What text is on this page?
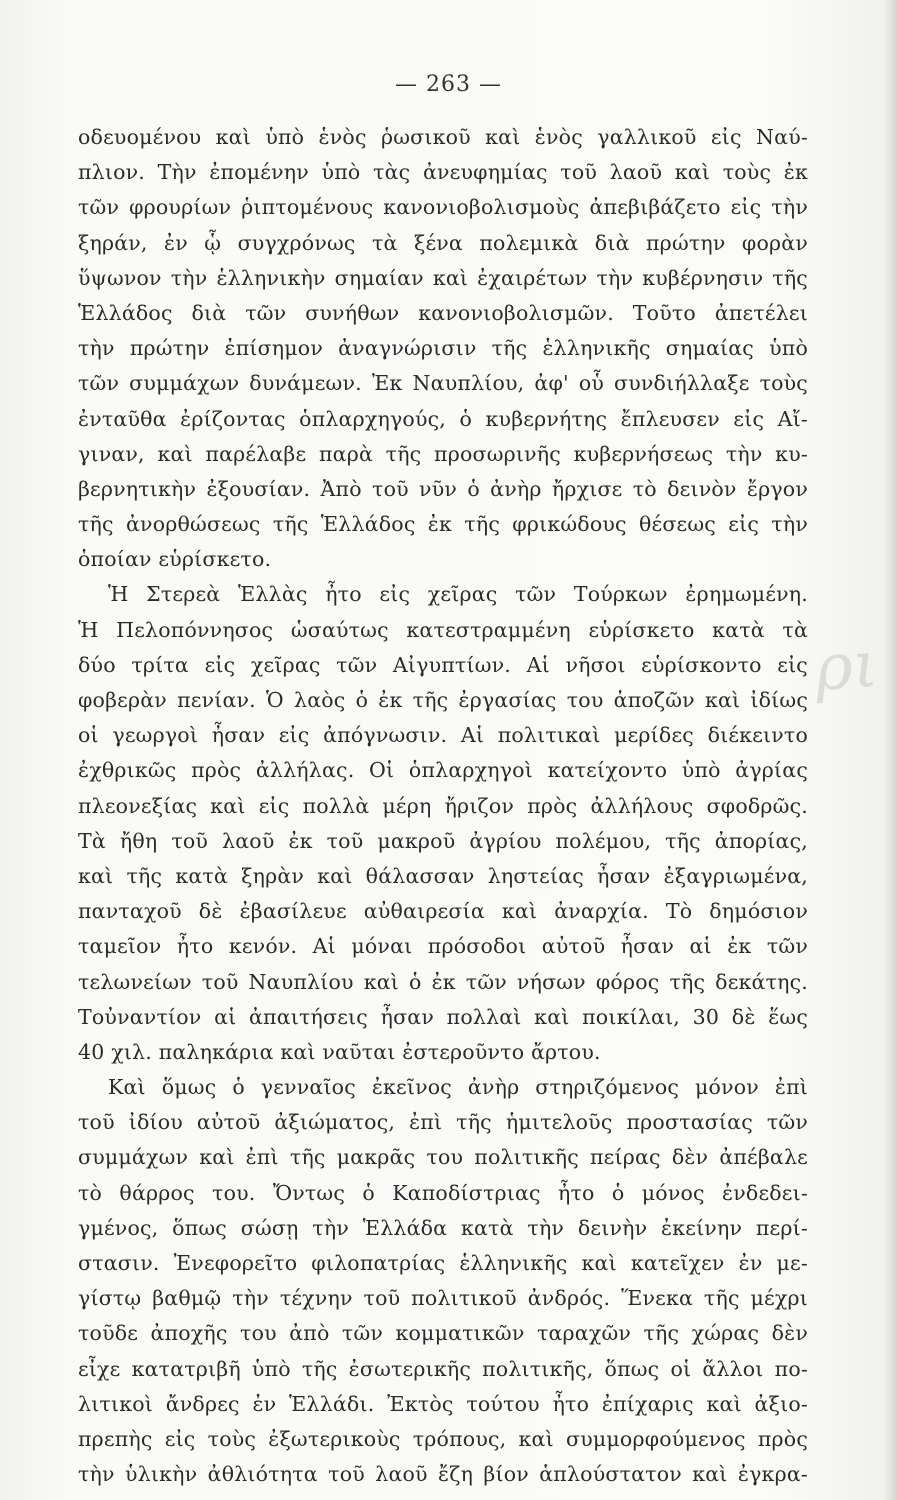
— 263 —
ρι
οδευομένου καὶ ὑπὸ ἑνὸς ῥωσικοῦ καὶ ἑνὸς γαλλικοῦ εἰς Ναύ-
πλιον. Τὴν ἐπομένην ὑπὸ τὰς ἀνευφημίας τοῦ λαοῦ καὶ τοὺς ἐκ
τῶν φρουρίων ῥιπτομένους κανονιοβολισμοὺς ἀπεβιβάζετο εἰς τὴν
ξηράν, ἐν ᾧ συγχρόνως τὰ ξένα πολεμικὰ διὰ πρώτην φορὰν
ὕψωνον τὴν ἑλληνικὴν σημαίαν καὶ ἐχαιρέτων τὴν κυβέρνησιν τῆς
Ἑλλάδος διὰ τῶν συνήθων κανονιοβολισμῶν. Τοῦτο ἀπετέλει
τὴν πρώτην ἐπίσημον ἀναγνώρισιν τῆς ἑλληνικῆς σημαίας ὑπὸ
τῶν συμμάχων δυνάμεων. Ἐκ Ναυπλίου, ἀφ' οὗ συνδιήλλαξε τοὺς
ἐνταῦθα ἐρίζοντας ὁπλαρχηγούς, ὁ κυβερνήτης ἔπλευσεν εἰς Αἴ-
γιναν, καὶ παρέλαβε παρὰ τῆς προσωρινῆς κυβερνήσεως τὴν κυ-
βερνητικὴν ἐξουσίαν. Ἀπὸ τοῦ νῦν ὁ ἀνὴρ ἤρχισε τὸ δεινὸν ἔργον
τῆς ἀνορθώσεως τῆς Ἑλλάδος ἐκ τῆς φρικώδους θέσεως εἰς τὴν
ὁποίαν εὑρίσκετο.
Ἡ Στερεὰ Ἑλλὰς ἦτο εἰς χεῖρας τῶν Τούρκων ἐρημωμένη.
Ἡ Πελοπόννησος ὡσαύτως κατεστραμμένη εὑρίσκετο κατὰ τὰ
δύο τρίτα εἰς χεῖρας τῶν Αἰγυπτίων. Αἱ νῆσοι εὑρίσκοντο εἰς
φοβερὰν πενίαν. Ὁ λαὸς ὁ ἐκ τῆς ἐργασίας του ἀποζῶν καὶ ἰδίως
οἱ γεωργοὶ ἦσαν εἰς ἀπόγνωσιν. Αἱ πολιτικαὶ μερίδες διέκειντο
ἐχθρικῶς πρὸς ἀλλήλας. Οἱ ὁπλαρχηγοὶ κατείχοντο ὑπὸ ἀγρίας
πλεονεξίας καὶ εἰς πολλὰ μέρη ἤριζον πρὸς ἀλλήλους σφοδρῶς.
Τὰ ἤθη τοῦ λαοῦ ἐκ τοῦ μακροῦ ἀγρίου πολέμου, τῆς ἀπορίας,
καὶ τῆς κατὰ ξηρὰν καὶ θάλασσαν ληστείας ἦσαν ἐξαγριωμένα,
πανταχοῦ δὲ ἐβασίλευε αὐθαιρεσία καὶ ἀναρχία. Τὸ δημόσιον
ταμεῖον ἦτο κενόν. Αἱ μόναι πρόσοδοι αὐτοῦ ἦσαν αἱ ἐκ τῶν
τελωνείων τοῦ Ναυπλίου καὶ ὁ ἐκ τῶν νήσων φόρος τῆς δεκάτης.
Τοὐναντίον αἱ ἀπαιτήσεις ἦσαν πολλαὶ καὶ ποικίλαι, 30 δὲ ἕως
40 χιλ. παληκάρια καὶ ναῦται ἐστεροῦντο ἄρτου.
Καὶ ὅμως ὁ γενναῖος ἐκεῖνος ἀνὴρ στηριζόμενος μόνον ἐπὶ
τοῦ ἰδίου αὐτοῦ ἀξιώματος, ἐπὶ τῆς ἡμιτελοῦς προστασίας τῶν
συμμάχων καὶ ἐπὶ τῆς μακρᾶς του πολιτικῆς πείρας δὲν ἀπέβαλε
τὸ θάρρος του. Ὄντως ὁ Καποδίστριας ἦτο ὁ μόνος ἐνδεδει-
γμένος, ὅπως σώσῃ τὴν Ἑλλάδα κατὰ τὴν δεινὴν ἐκείνην περί-
στασιν. Ἐνεφορεῖτο φιλοπατρίας ἑλληνικῆς καὶ κατεῖχεν ἐν με-
γίστῳ βαθμῷ τὴν τέχνην τοῦ πολιτικοῦ ἀνδρός. Ἕνεκα τῆς μέχρι
τοῦδε ἀποχῆς του ἀπὸ τῶν κομματικῶν ταραχῶν τῆς χώρας δὲν
εἶχε κατατριβῆ ὑπὸ τῆς ἐσωτερικῆς πολιτικῆς, ὅπως οἱ ἄλλοι πο-
λιτικοὶ ἄνδρες ἐν Ἑλλάδι. Ἐκτὸς τούτου ἦτο ἐπίχαρις καὶ ἀξιο-
πρεπὴς εἰς τοὺς ἐξωτερικοὺς τρόπους, καὶ συμμορφούμενος πρὸς
τὴν ὑλικὴν ἀθλιότητα τοῦ λαοῦ ἔζη βίον ἁπλούστατον καὶ ἐγκρα-
